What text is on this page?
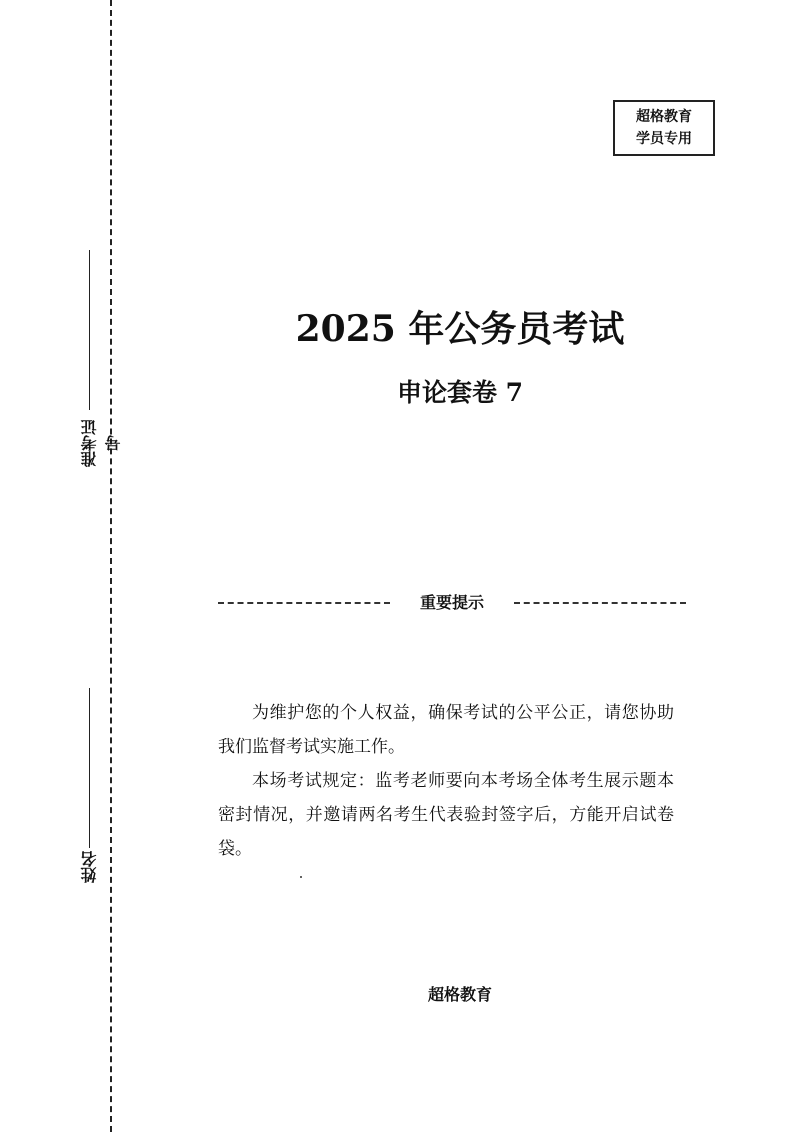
准考证号
姓名
超格教育
学员专用
2025 年公务员考试
申论套卷 7
重要提示

为维护您的个人权益，确保考试的公平公正，请您协助我们监督考试实施工作。

本场考试规定：监考老师要向本考场全体考生展示题本密封情况，并邀请两名考生代表验封签字后，方能开启试卷袋。

超格教育
